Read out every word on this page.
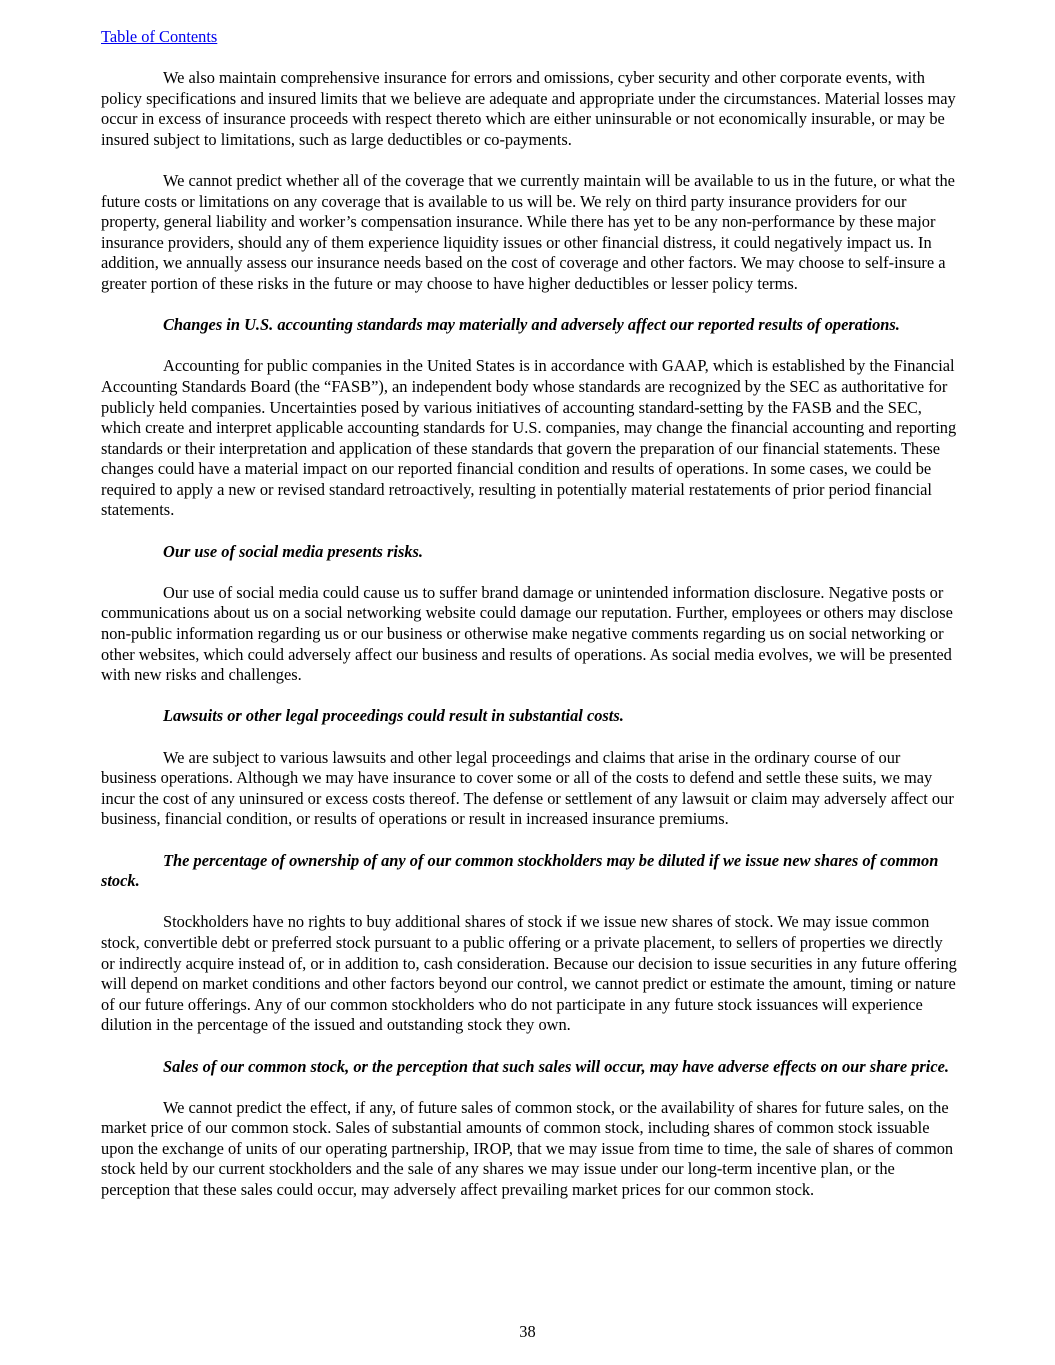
Table of Contents

We also maintain comprehensive insurance for errors and omissions, cyber security and other corporate events, with policy specifications and insured limits that we believe are adequate and appropriate under the circumstances. Material losses may occur in excess of insurance proceeds with respect thereto which are either uninsurable or not economically insurable, or may be insured subject to limitations, such as large deductibles or co-payments.

We cannot predict whether all of the coverage that we currently maintain will be available to us in the future, or what the future costs or limitations on any coverage that is available to us will be. We rely on third party insurance providers for our property, general liability and worker’s compensation insurance. While there has yet to be any non-performance by these major insurance providers, should any of them experience liquidity issues or other financial distress, it could negatively impact us. In addition, we annually assess our insurance needs based on the cost of coverage and other factors. We may choose to self-insure a greater portion of these risks in the future or may choose to have higher deductibles or lesser policy terms.

Changes in U.S. accounting standards may materially and adversely affect our reported results of operations.

Accounting for public companies in the United States is in accordance with GAAP, which is established by the Financial Accounting Standards Board (the “FASB”), an independent body whose standards are recognized by the SEC as authoritative for publicly held companies. Uncertainties posed by various initiatives of accounting standard-setting by the FASB and the SEC, which create and interpret applicable accounting standards for U.S. companies, may change the financial accounting and reporting standards or their interpretation and application of these standards that govern the preparation of our financial statements. These changes could have a material impact on our reported financial condition and results of operations. In some cases, we could be required to apply a new or revised standard retroactively, resulting in potentially material restatements of prior period financial statements.

Our use of social media presents risks.

Our use of social media could cause us to suffer brand damage or unintended information disclosure. Negative posts or communications about us on a social networking website could damage our reputation. Further, employees or others may disclose non-public information regarding us or our business or otherwise make negative comments regarding us on social networking or other websites, which could adversely affect our business and results of operations. As social media evolves, we will be presented with new risks and challenges.

Lawsuits or other legal proceedings could result in substantial costs.

We are subject to various lawsuits and other legal proceedings and claims that arise in the ordinary course of our business operations. Although we may have insurance to cover some or all of the costs to defend and settle these suits, we may incur the cost of any uninsured or excess costs thereof. The defense or settlement of any lawsuit or claim may adversely affect our business, financial condition, or results of operations or result in increased insurance premiums.

The percentage of ownership of any of our common stockholders may be diluted if we issue new shares of common stock.

Stockholders have no rights to buy additional shares of stock if we issue new shares of stock. We may issue common stock, convertible debt or preferred stock pursuant to a public offering or a private placement, to sellers of properties we directly or indirectly acquire instead of, or in addition to, cash consideration. Because our decision to issue securities in any future offering will depend on market conditions and other factors beyond our control, we cannot predict or estimate the amount, timing or nature of our future offerings. Any of our common stockholders who do not participate in any future stock issuances will experience dilution in the percentage of the issued and outstanding stock they own.

Sales of our common stock, or the perception that such sales will occur, may have adverse effects on our share price.

We cannot predict the effect, if any, of future sales of common stock, or the availability of shares for future sales, on the market price of our common stock. Sales of substantial amounts of common stock, including shares of common stock issuable upon the exchange of units of our operating partnership, IROP, that we may issue from time to time, the sale of shares of common stock held by our current stockholders and the sale of any shares we may issue under our long-term incentive plan, or the perception that these sales could occur, may adversely affect prevailing market prices for our common stock.

38
